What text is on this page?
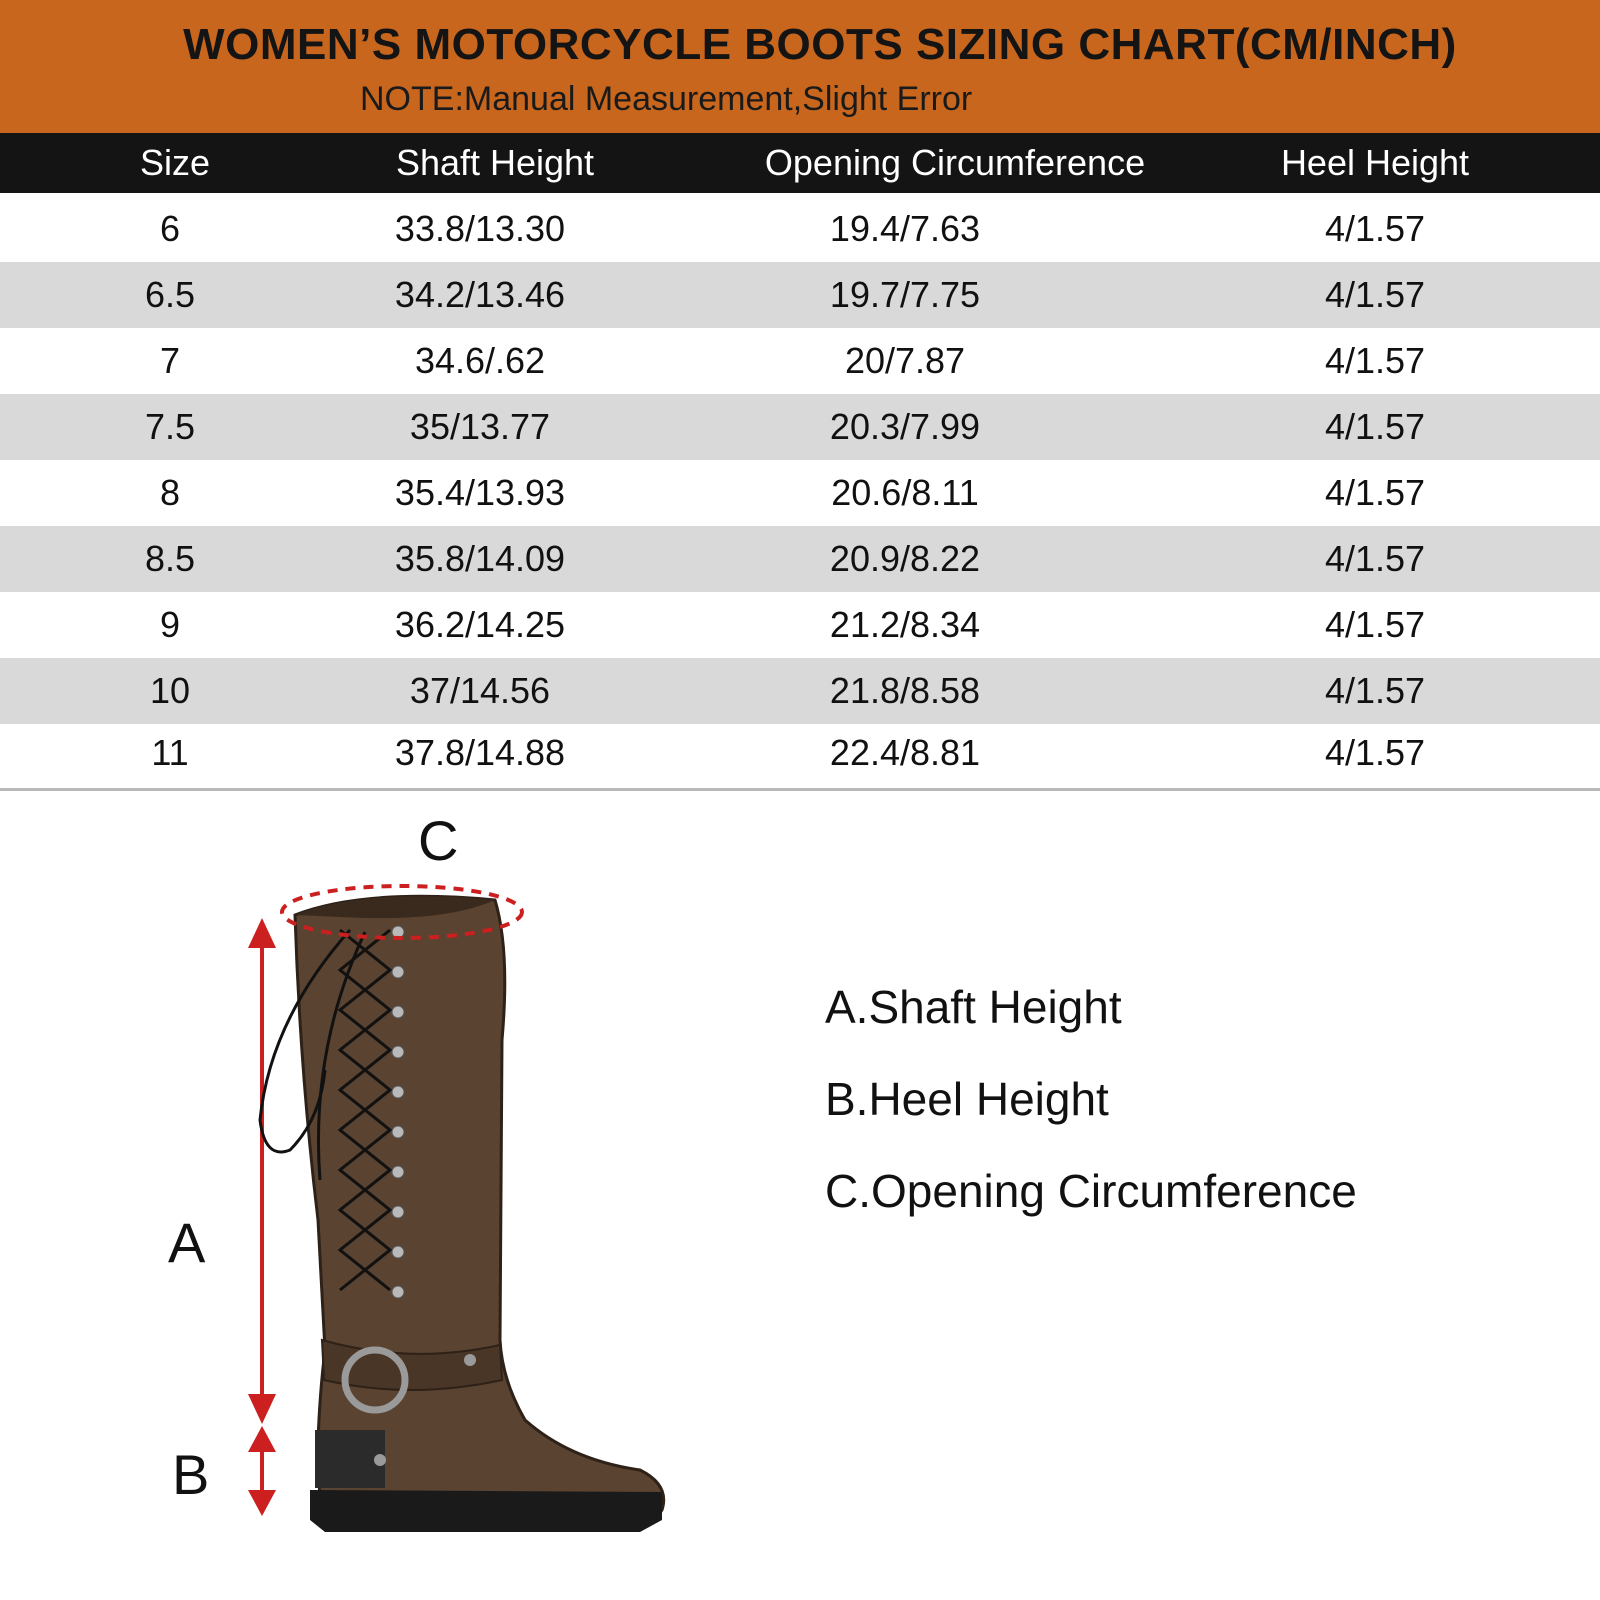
WOMEN’S MOTORCYCLE BOOTS SIZING CHART(CM/INCH)
NOTE:Manual Measurement,Slight Error
Size	Shaft Height	Opening Circumference	Heel Height
6	33.8/13.30	19.4/7.63	4/1.57
6.5	34.2/13.46	19.7/7.75	4/1.57
7	34.6/.62	20/7.87	4/1.57
7.5	35/13.77	20.3/7.99	4/1.57
8	35.4/13.93	20.6/8.11	4/1.57
8.5	35.8/14.09	20.9/8.22	4/1.57
9	36.2/14.25	21.2/8.34	4/1.57
10	37/14.56	21.8/8.58	4/1.57
11	37.8/14.88	22.4/8.81	4/1.57
C
A
B
A.Shaft Height
B.Heel Height
C.Opening Circumference
